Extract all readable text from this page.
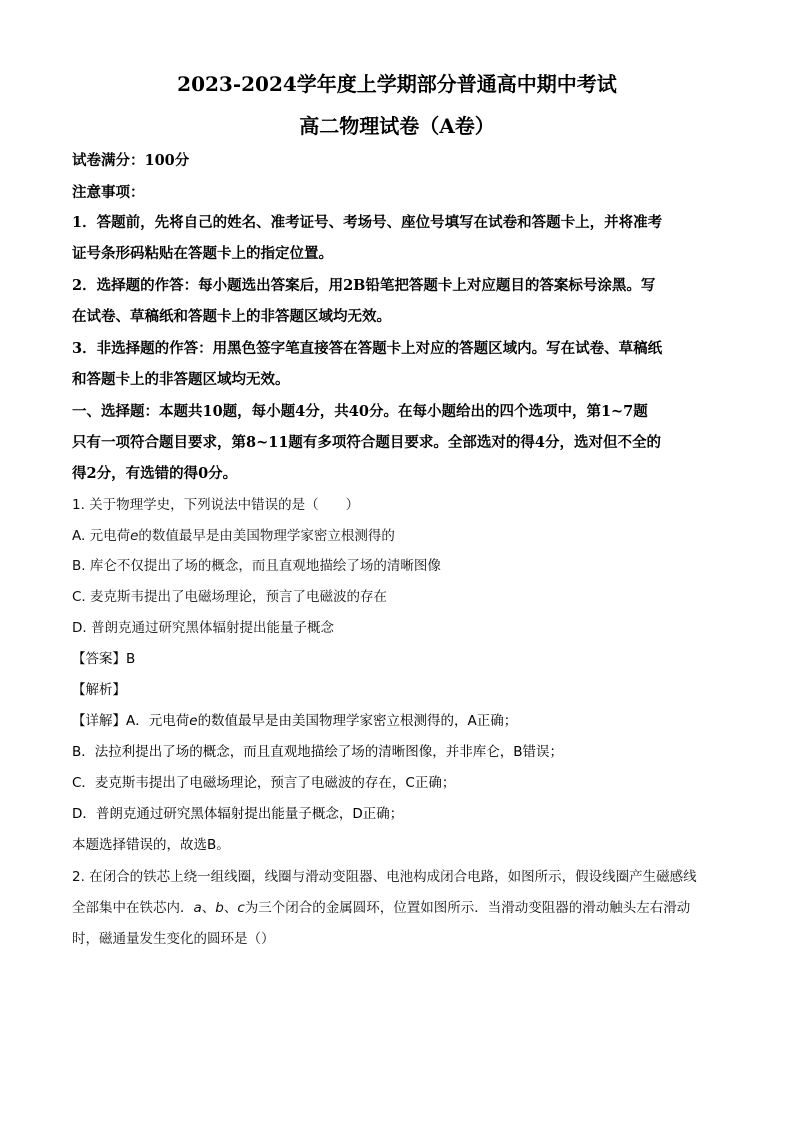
2023-2024学年度上学期部分普通高中期中考试
高二物理试卷（A卷）

试卷满分：100分

注意事项：

1．答题前，先将自己的姓名、准考证号、考场号、座位号填写在试卷和答题卡上，并将准考

证号条形码粘贴在答题卡上的指定位置。

2．选择题的作答：每小题选出答案后，用2B铅笔把答题卡上对应题目的答案标号涂黑。写

在试卷、草稿纸和答题卡上的非答题区域均无效。

3．非选择题的作答：用黑色签字笔直接答在答题卡上对应的答题区域内。写在试卷、草稿纸

和答题卡上的非答题区域均无效。

一、选择题：本题共10题，每小题4分，共40分。在每小题给出的四个选项中，第1~7题

只有一项符合题目要求，第8~11题有多项符合题目要求。全部选对的得4分，选对但不全的

得2分，有选错的得0分。

1. 关于物理学史，下列说法中错误的是（　　）

A. 元电荷e的数值最早是由美国物理学家密立根测得的

B. 库仑不仅提出了场的概念，而且直观地描绘了场的清晰图像

C. 麦克斯韦提出了电磁场理论，预言了电磁波的存在

D. 普朗克通过研究黑体辐射提出能量子概念

【答案】B

【解析】

【详解】A．元电荷e的数值最早是由美国物理学家密立根测得的，A正确；

B．法拉利提出了场的概念，而且直观地描绘了场的清晰图像，并非库仑，B错误；

C．麦克斯韦提出了电磁场理论，预言了电磁波的存在，C正确；

D．普朗克通过研究黑体辐射提出能量子概念，D正确；

本题选择错误的，故选B。

2. 在闭合的铁芯上绕一组线圈，线圈与滑动变阻器、电池构成闭合电路，如图所示，假设线圈产生磁感线

全部集中在铁芯内．a、b、c为三个闭合的金属圆环，位置如图所示．当滑动变阻器的滑动触头左右滑动

时，磁通量发生变化的圆环是（）
